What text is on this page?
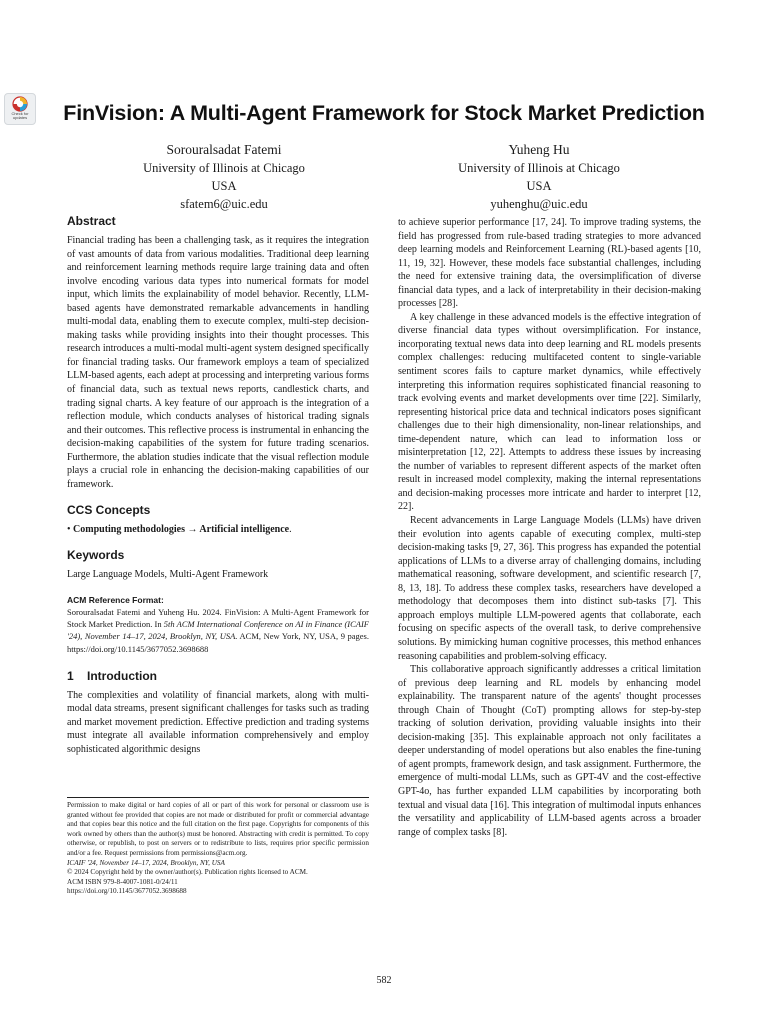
Check for updates	FinVision: A Multi-Agent Framework for Stock Market Prediction
Sorouralsadat Fatemi
University of Illinois at Chicago
USA
sfatem6@uic.edu
Yuheng Hu
University of Illinois at Chicago
USA
yuhenghu@uic.edu
Abstract

Financial trading has been a challenging task, as it requires the integration of vast amounts of data from various modalities. Traditional deep learning and reinforcement learning methods require large training data and often involve encoding various data types into numerical formats for model input, which limits the explainability of model behavior. Recently, LLM-based agents have demonstrated remarkable advancements in handling multi-modal data, enabling them to execute complex, multi-step decision-making tasks while providing insights into their thought processes. This research introduces a multi-modal multi-agent system designed specifically for financial trading tasks. Our framework employs a team of specialized LLM-based agents, each adept at processing and interpreting various forms of financial data, such as textual news reports, candlestick charts, and trading signal charts. A key feature of our approach is the integration of a reflection module, which conducts analyses of historical trading signals and their outcomes. This reflective process is instrumental in enhancing the decision-making capabilities of the system for future trading scenarios. Furthermore, the ablation studies indicate that the visual reflection module plays a crucial role in enhancing the decision-making capabilities of our framework.

CCS Concepts
• Computing methodologies → Artificial intelligence.
Keywords

Large Language Models, Multi-Agent Framework

ACM Reference Format:
Sorouralsadat Fatemi and Yuheng Hu. 2024. FinVision: A Multi-Agent Framework for Stock Market Prediction. In 5th ACM International Conference on AI in Finance (ICAIF '24), November 14–17, 2024, Brooklyn, NY, USA. ACM, New York, NY, USA, 9 pages. https://doi.org/10.1145/3677052.3698688
1 Introduction

The complexities and volatility of financial markets, along with multi-modal data streams, present significant challenges for tasks such as trading and market movement prediction. Effective prediction and trading systems must integrate all available information comprehensively and employ sophisticated algorithmic designs

Permission to make digital or hard copies of all or part of this work for personal or classroom use is granted without fee provided that copies are not made or distributed for profit or commercial advantage and that copies bear this notice and the full citation on the first page. Copyrights for components of this work owned by others than the author(s) must be honored. Abstracting with credit is permitted. To copy otherwise, or republish, to post on servers or to redistribute to lists, requires prior specific permission and/or a fee. Request permissions from permissions@acm.org.

ICAIF '24, November 14–17, 2024, Brooklyn, NY, USA

© 2024 Copyright held by the owner/author(s). Publication rights licensed to ACM.

ACM ISBN 979-8-4007-1081-0/24/11

https://doi.org/10.1145/3677052.3698688

to achieve superior performance [17, 24]. To improve trading systems, the field has progressed from rule-based trading strategies to more advanced deep learning models and Reinforcement Learning (RL)-based agents [10, 11, 19, 32]. However, these models face substantial challenges, including the need for extensive training data, the oversimplification of diverse financial data types, and a lack of interpretability in their decision-making processes [28].

A key challenge in these advanced models is the effective integration of diverse financial data types without oversimplification. For instance, incorporating textual news data into deep learning and RL models presents complex challenges: reducing multifaceted content to single-variable sentiment scores fails to capture market dynamics, while effectively interpreting this information requires sophisticated financial reasoning to track evolving events and market developments over time [22]. Similarly, representing historical price data and technical indicators poses significant challenges due to their high dimensionality, non-linear relationships, and time-dependent nature, which can lead to information loss or misinterpretation [12, 22]. Attempts to address these issues by increasing the number of variables to represent different aspects of the market often result in increased model complexity, making the internal representations and decision-making processes more intricate and harder to interpret [12, 22].

Recent advancements in Large Language Models (LLMs) have driven their evolution into agents capable of executing complex, multi-step decision-making tasks [9, 27, 36]. This progress has expanded the potential applications of LLMs to a diverse array of challenging domains, including mathematical reasoning, software development, and scientific research [7, 8, 13, 18]. To address these complex tasks, researchers have developed a methodology that decomposes them into distinct sub-tasks [7]. This approach employs multiple LLM-powered agents that collaborate, each focusing on specific aspects of the overall task, to derive comprehensive solutions. By mimicking human cognitive processes, this method enhances reasoning capabilities and problem-solving efficacy.

This collaborative approach significantly addresses a critical limitation of previous deep learning and RL models by enhancing model explainability. The transparent nature of the agents' thought processes through Chain of Thought (CoT) prompting allows for step-by-step tracking of solution derivation, providing valuable insights into their decision-making [35]. This explainable approach not only facilitates a deeper understanding of model operations but also enables the fine-tuning of agent prompts, framework design, and task assignment. Furthermore, the emergence of multi-modal LLMs, such as GPT-4V and the cost-effective GPT-4o, has further expanded LLM capabilities by incorporating both textual and visual data [16]. This integration of multimodal inputs enhances the versatility and applicability of LLM-based agents across a broader range of complex tasks [8].

582
